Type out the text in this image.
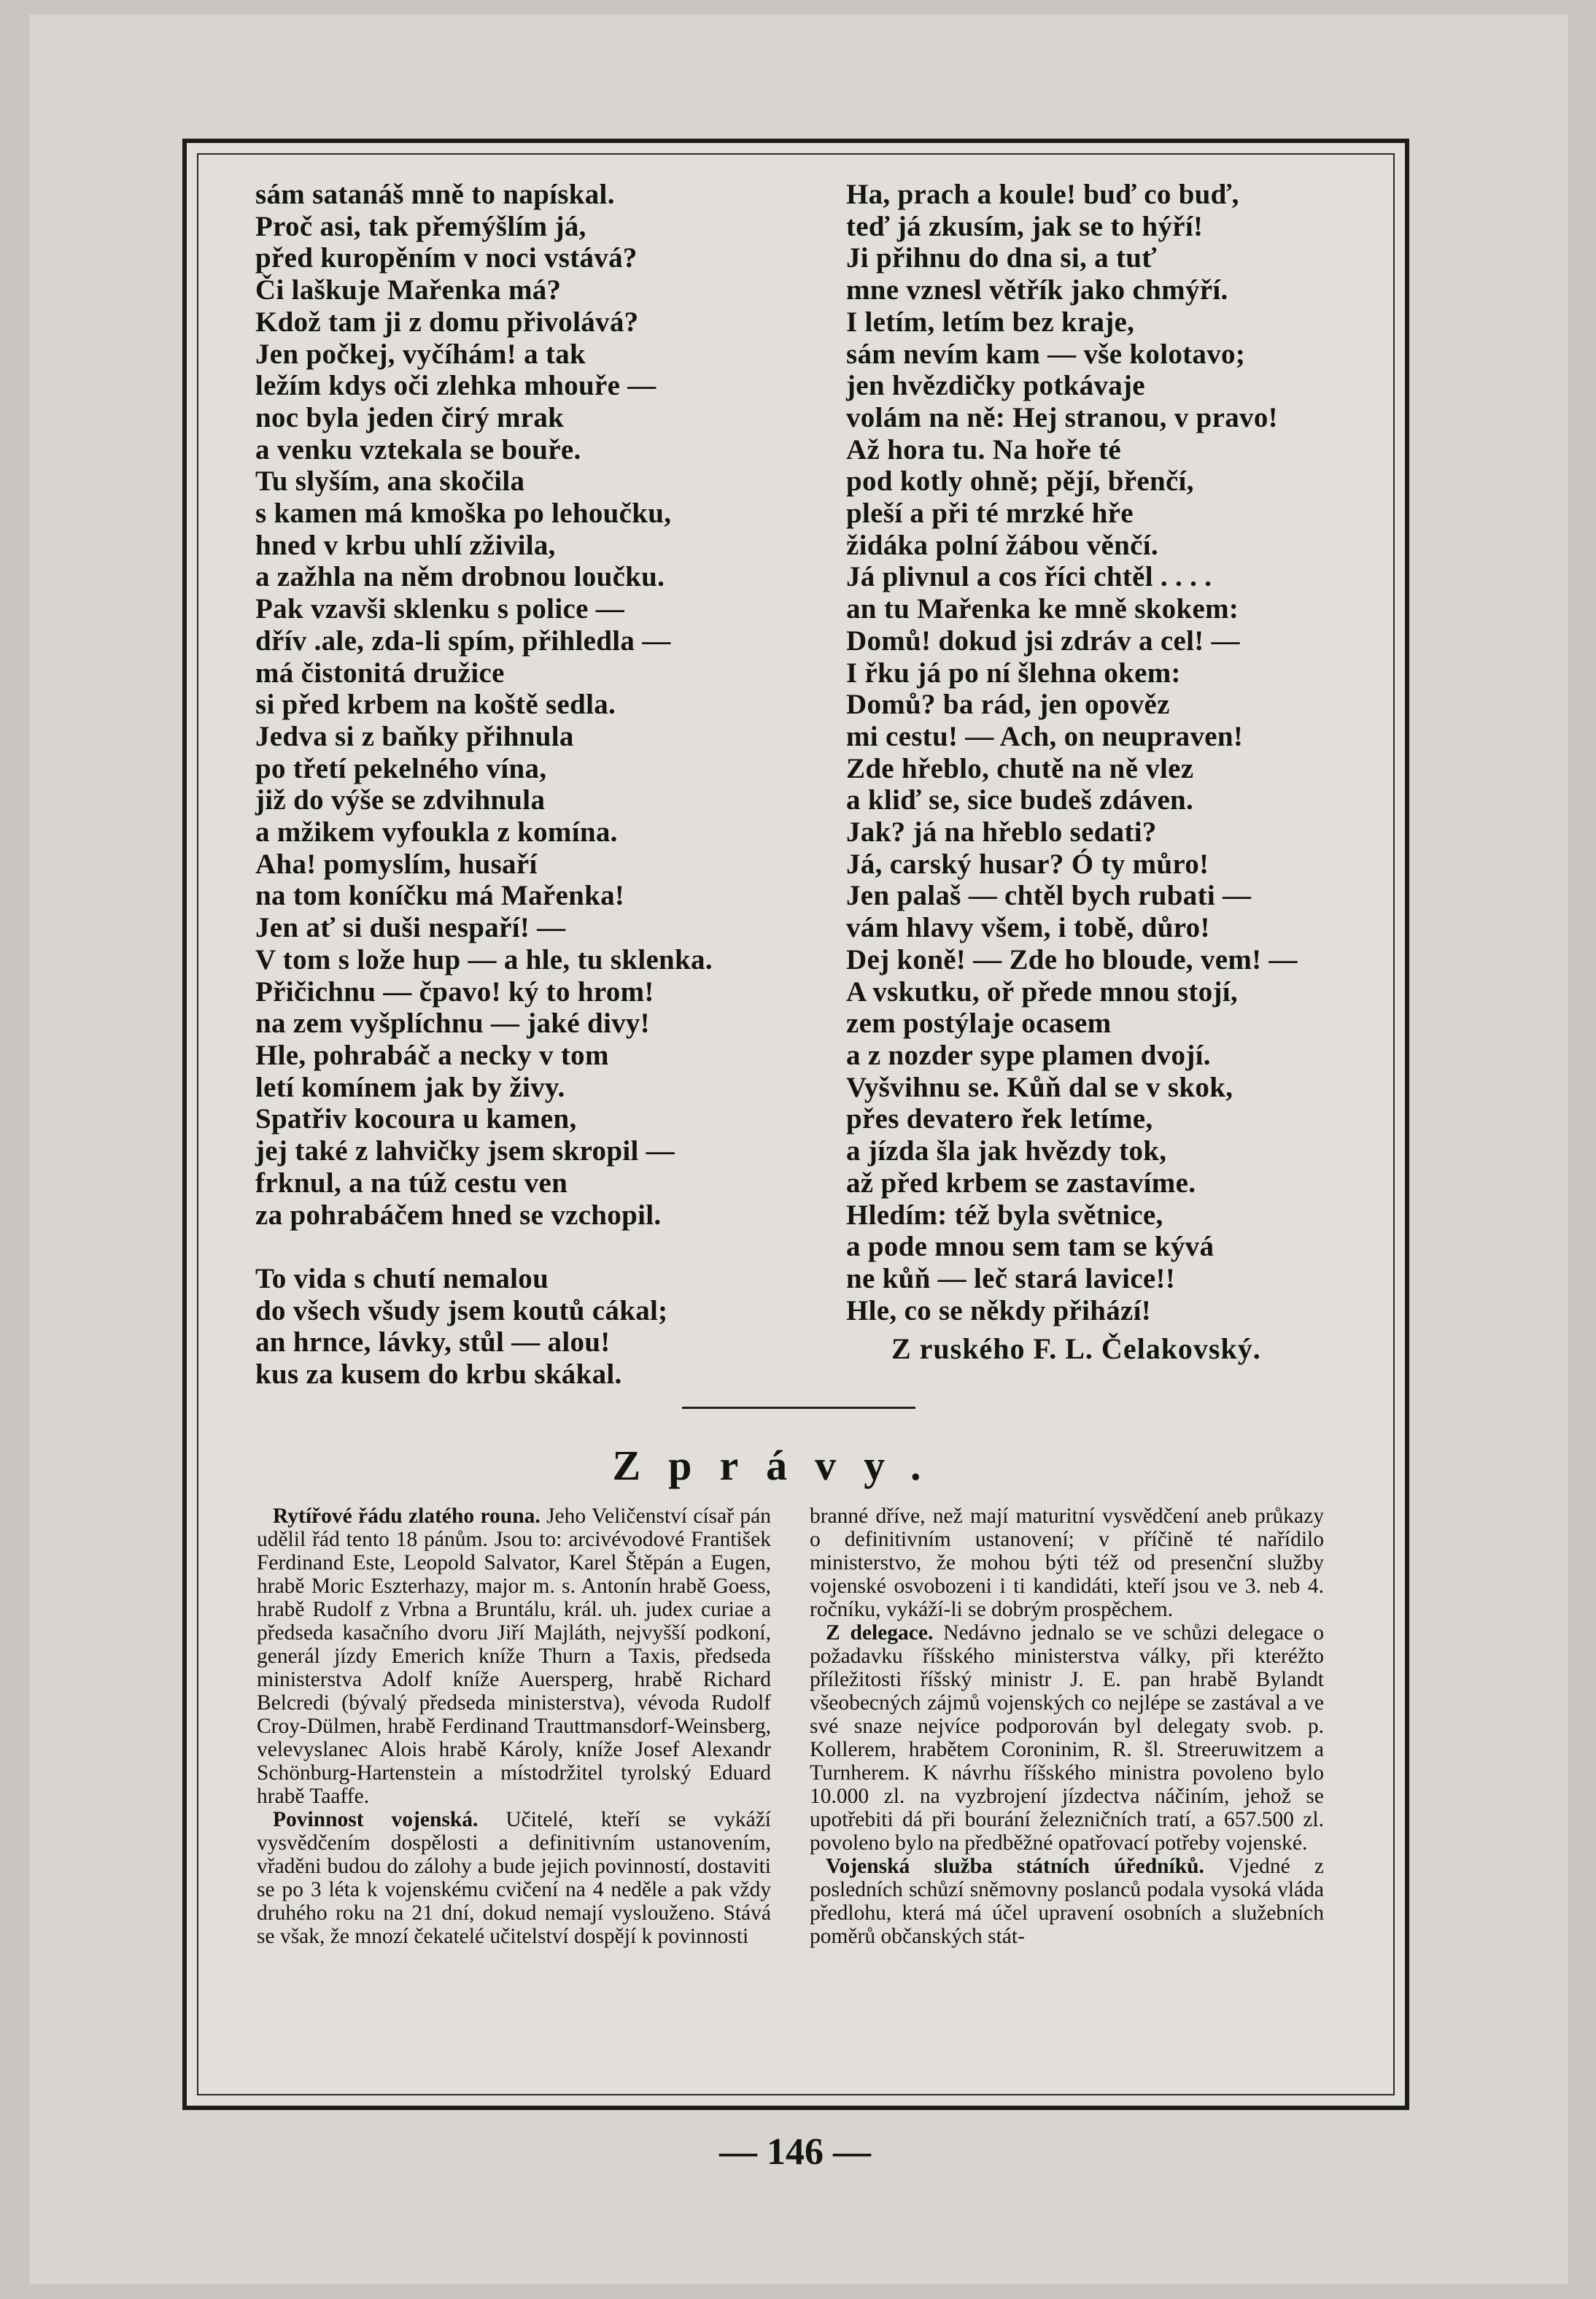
sám satanáš mně to napískal.
Proč asi, tak přemýšlím já,
před kuropěním v noci vstává?
Či laškuje Mařenka má?
Kdož tam ji z domu přivolává?
Jen počkej, vyčíhám! a tak
ležím kdys oči zlehka mhouře —
noc byla jeden čirý mrak
a venku vztekala se bouře.
Tu slyším, ana skočila
s kamen má kmoška po lehoučku,
hned v krbu uhlí zživila,
a zažhla na něm drobnou loučku.
Pak vzavši sklenku s police —
dřív .ale, zda-li spím, přihledla —
má čistonitá družice
si před krbem na koště sedla.
Jedva si z baňky přihnula
po třetí pekelného vína,
již do výše se zdvihnula
a mžikem vyfoukla z komína.
Aha! pomyslím, husaří
na tom koníčku má Mařenka!
Jen ať si duši nespaří! —
V tom s lože hup — a hle, tu sklenka.
Přičichnu — čpavo! ký to hrom!
na zem vyšplíchnu — jaké divy!
Hle, pohrabáč a necky v tom
letí komínem jak by živy.
Spatřiv kocoura u kamen,
jej také z lahvičky jsem skropil —
frknul, a na túž cestu ven
za pohrabáčem hned se vzchopil.
To vida s chutí nemalou
do všech všudy jsem koutů cákal;
an hrnce, lávky, stůl — alou!
kus za kusem do krbu skákal.
Ha, prach a koule! buď co buď,
teď já zkusím, jak se to hýří!
Ji přihnu do dna si, a tuť
mne vznesl větřík jako chmýří.
I letím, letím bez kraje,
sám nevím kam — vše kolotavo;
jen hvězdičky potkávaje
volám na ně: Hej stranou, v pravo!
Až hora tu. Na hoře té
pod kotly ohně; pějí, břenčí,
pleší a při té mrzké hře
židáka polní žábou věnčí.
Já plivnul a cos říci chtěl . . . .
an tu Mařenka ke mně skokem:
Domů! dokud jsi zdráv a cel! —
I řku já po ní šlehna okem:
Domů? ba rád, jen opověz
mi cestu! — Ach, on neupraven!
Zde hřeblo, chutě na ně vlez
a kliď se, sice budeš zdáven.
Jak? já na hřeblo sedati?
Já, carský husar? Ó ty můro!
Jen palaš — chtěl bych rubati —
vám hlavy všem, i tobě, důro!
Dej koně! — Zde ho bloude, vem! —
A vskutku, oř přede mnou stojí,
zem postýlaje ocasem
a z nozder sype plamen dvojí.
Vyšvihnu se. Kůň dal se v skok,
přes devatero řek letíme,
a jízda šla jak hvězdy tok,
až před krbem se zastavíme.
Hledím: též byla světnice,
a pode mnou sem tam se kývá
ne kůň — leč stará lavice!!
Hle, co se někdy přihází!
Z ruského F. L. Čelakovský.
Zprávy.

Rytířové řádu zlatého rouna. Jeho Veličenství císař pán udělil řád tento 18 pánům. Jsou to: arcivévodové František Ferdinand Este, Leopold Salvator, Karel Štěpán a Eugen, hrabě Moric Eszterhazy, major m. s. Antonín hrabě Goess, hrabě Rudolf z Vrbna a Bruntálu, král. uh. judex curiae a předseda kasačního dvoru Jiří Majláth, nejvyšší podkoní, generál jízdy Emerich kníže Thurn a Taxis, předseda ministerstva Adolf kníže Auersperg, hrabě Richard Belcredi (bývalý předseda ministerstva), vévoda Rudolf Croy-Dülmen, hrabě Ferdinand Trauttmansdorf-Weinsberg, velevyslanec Alois hrabě Károly, kníže Josef Alexandr Schönburg-Hartenstein a místodržitel tyrolský Eduard hrabě Taaffe.

Povinnost vojenská. Učitelé, kteří se vykáží vysvědčením dospělosti a definitivním ustanovením, vřaděni budou do zálohy a bude jejich povinností, dostaviti se po 3 léta k vojenskému cvičení na 4 neděle a pak vždy druhého roku na 21 dní, dokud nemají vyslouženo. Stává se však, že mnozí čekatelé učitelství dospějí k povinnosti

branné dříve, než mají maturitní vysvědčení aneb průkazy o definitivním ustanovení; v příčině té nařídilo ministerstvo, že mohou býti též od presenční služby vojenské osvobozeni i ti kandidáti, kteří jsou ve 3. neb 4. ročníku, vykáží-li se dobrým prospěchem.

Z delegace. Nedávno jednalo se ve schůzi delegace o požadavku říšského ministerstva války, při kteréžto příležitosti říšský ministr J. E. pan hrabě Bylandt všeobecných zájmů vojenských co nejlépe se zastával a ve své snaze nejvíce podporován byl delegaty svob. p. Kollerem, hrabětem Coroninim, R. šl. Streeruwitzem a Turnherem. K návrhu říšského ministra povoleno bylo 10.000 zl. na vyzbrojení jízdectva náčiním, jehož se upotřebiti dá při bourání železničních tratí, a 657.500 zl. povoleno bylo na předběžné opatřovací potřeby vojenské.

Vojenská služba státních úředníků. Vjedné z posledních schůzí sněmovny poslanců podala vysoká vláda předlohu, která má účel upravení osobních a služebních poměrů občanských stát-

— 146 —
